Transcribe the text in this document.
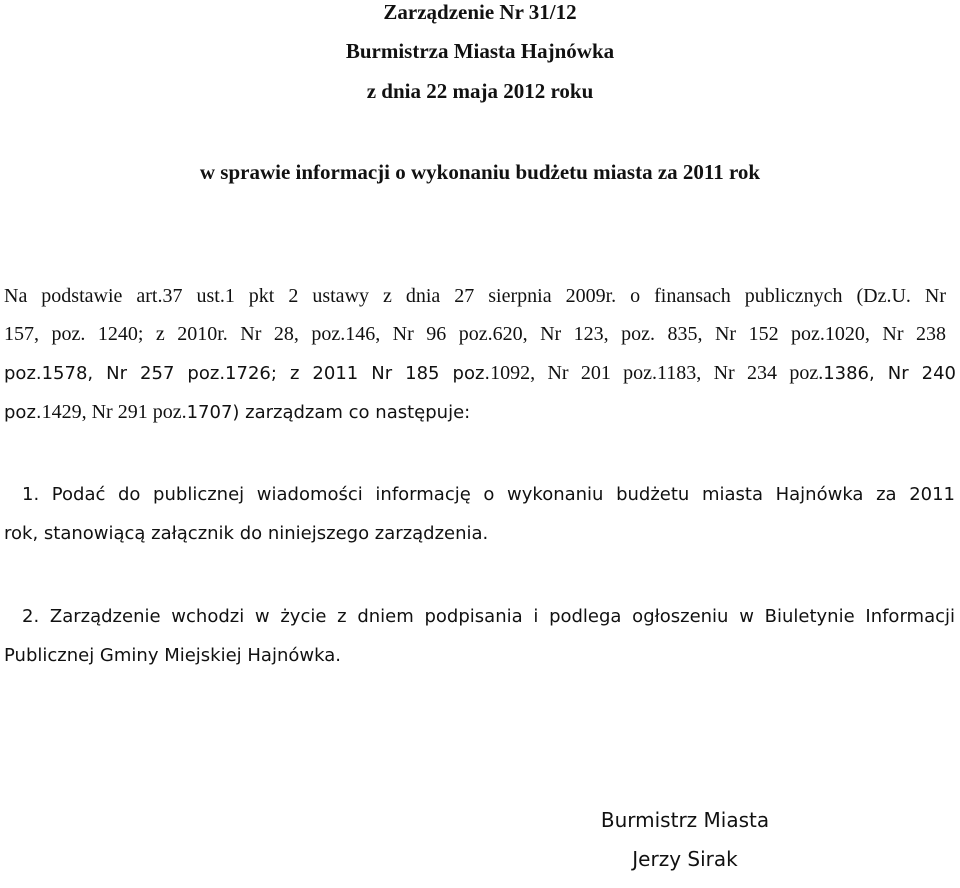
Zarządzenie Nr 31/12
Burmistrza Miasta Hajnówka
z dnia 22 maja 2012 roku
w sprawie informacji o wykonaniu budżetu miasta za 2011 rok
Na podstawie art.37 ust.1 pkt 2 ustawy z dnia 27 sierpnia 2009r. o finansach publicznych (Dz.U. Nr
157, poz. 1240; z 2010r. Nr 28, poz.146, Nr 96 poz.620, Nr 123, poz. 835, Nr 152 poz.1020, Nr 238
poz.1578, Nr 257 poz.1726; z 2011 Nr 185 poz.1092, Nr 201 poz.1183, Nr 234 poz.1386, Nr 240
poz.1429, Nr 291 poz.1707) zarządzam co następuje:
1. Podać do publicznej wiadomości informację o wykonaniu budżetu miasta Hajnówka za 2011
rok, stanowiącą załącznik do niniejszego zarządzenia.
2. Zarządzenie wchodzi w życie z dniem podpisania i podlega ogłoszeniu w Biuletynie Informacji
Publicznej Gminy Miejskiej Hajnówka.
Burmistrz Miasta
Jerzy Sirak
